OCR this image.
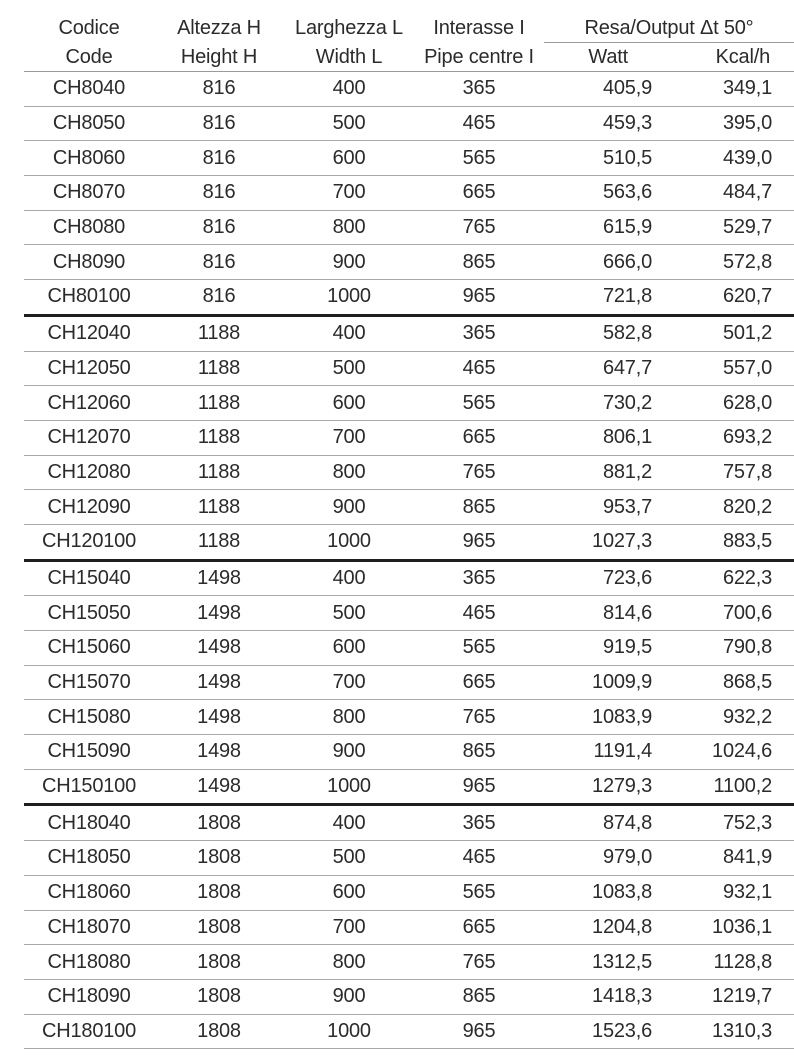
Codice	Altezza H	Larghezza L	Interasse I	Resa/Output Δt 50°	
Code	Height H	Width L	Pipe centre I	Watt	Kcal/h
CH8040	816	400	365	405,9	349,1
CH8050	816	500	465	459,3	395,0
CH8060	816	600	565	510,5	439,0
CH8070	816	700	665	563,6	484,7
CH8080	816	800	765	615,9	529,7
CH8090	816	900	865	666,0	572,8
CH80100	816	1000	965	721,8	620,7
CH12040	1188	400	365	582,8	501,2
CH12050	1188	500	465	647,7	557,0
CH12060	1188	600	565	730,2	628,0
CH12070	1188	700	665	806,1	693,2
CH12080	1188	800	765	881,2	757,8
CH12090	1188	900	865	953,7	820,2
CH120100	1188	1000	965	1027,3	883,5
CH15040	1498	400	365	723,6	622,3
CH15050	1498	500	465	814,6	700,6
CH15060	1498	600	565	919,5	790,8
CH15070	1498	700	665	1009,9	868,5
CH15080	1498	800	765	1083,9	932,2
CH15090	1498	900	865	1191,4	1024,6
CH150100	1498	1000	965	1279,3	1100,2
CH18040	1808	400	365	874,8	752,3
CH18050	1808	500	465	979,0	841,9
CH18060	1808	600	565	1083,8	932,1
CH18070	1808	700	665	1204,8	1036,1
CH18080	1808	800	765	1312,5	1128,8
CH18090	1808	900	865	1418,3	1219,7
CH180100	1808	1000	965	1523,6	1310,3
